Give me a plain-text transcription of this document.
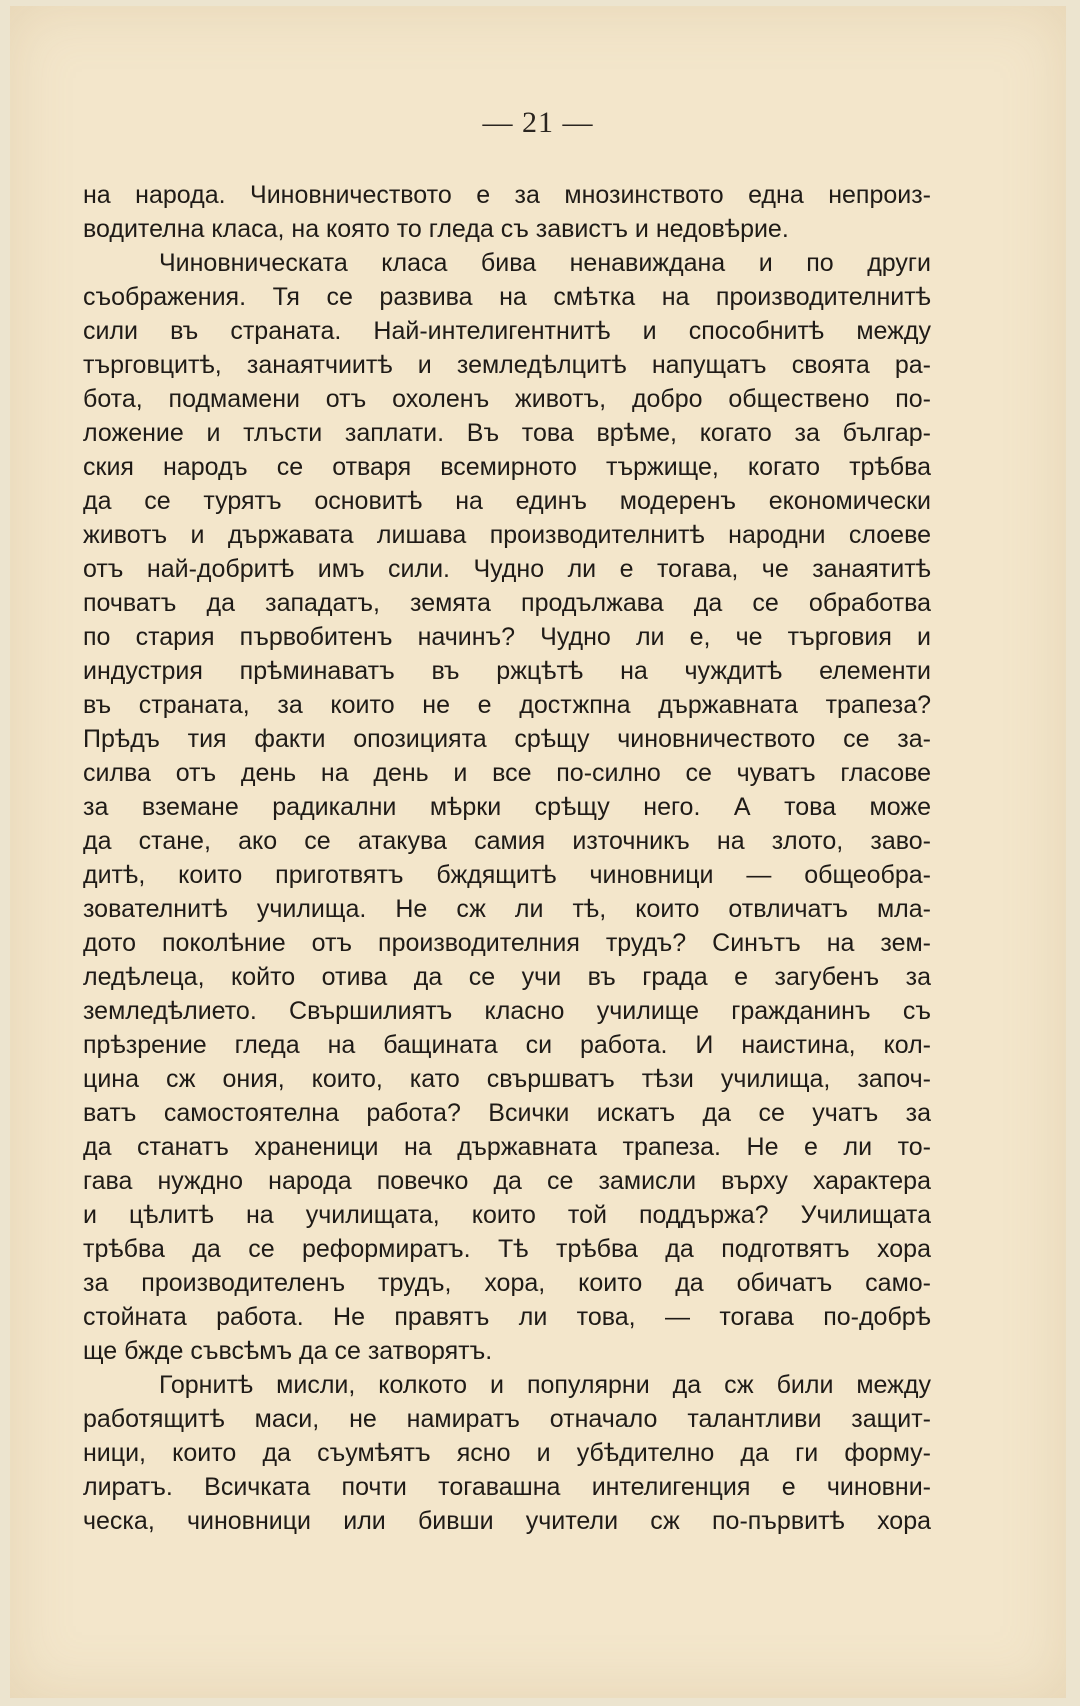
— 21 —
на народа. Чиновничеството е за мнозинството една непроиз-
водителна класа, на която то гледа съ завистъ и недовѣрие.
Чиновническата класа бива ненавиждана и по други
съображения. Тя се развива на смѣтка на производителнитѣ
сили въ страната. Най-интелигентнитѣ и способнитѣ между
търговцитѣ, занаятчиитѣ и земледѣлцитѣ напущатъ своята ра-
бота, подмамени отъ охоленъ животъ, добро обществено по-
ложение и тлъсти заплати. Въ това врѣме, когато за българ-
ския народъ се отваря всемирното тържище, когато трѣбва
да се турятъ основитѣ на единъ модеренъ економически
животъ и държавата лишава производителнитѣ народни слоеве
отъ най-добритѣ имъ сили. Чудно ли е тогава, че занаятитѣ
почватъ да западатъ, земята продължава да се обработва
по стария първобитенъ начинъ? Чудно ли е, че търговия и
индустрия прѣминаватъ въ ржцѣтѣ на чуждитѣ елементи
въ страната, за които не е достжпна държавната трапеза?
Прѣдъ тия факти опозицията срѣщу чиновничеството се за-
силва отъ день на день и все по-силно се чуватъ гласове
за вземане радикални мѣрки срѣщу него. А това може
да стане, ако се атакува самия източникъ на злото, заво-
дитѣ, които приготвятъ бждящитѣ чиновници — общеобра-
зователнитѣ училища. Не сж ли тѣ, които отвличатъ мла-
дото поколѣние отъ производителния трудъ? Синътъ на зем-
ледѣлеца, който отива да се учи въ града е загубенъ за
земледѣлието. Свършилиятъ класно училище гражданинъ съ
прѣзрение гледа на бащината си работа. И наистина, кол-
цина сж ония, които, като свършватъ тѣзи училища, започ-
ватъ самостоятелна работа? Всички искатъ да се учатъ за
да станатъ храненици на държавната трапеза. Не е ли то-
гава нуждно народа повечко да се замисли върху характера
и цѣлитѣ на училищата, които той поддържа? Училищата
трѣбва да се реформиратъ. Тѣ трѣбва да подготвятъ хора
за производителенъ трудъ, хора, които да обичатъ само-
стойната работа. Не правятъ ли това, — тогава по-добрѣ
ще бжде съвсѣмъ да се затворятъ.
Горнитѣ мисли, колкото и популярни да сж били между
работящитѣ маси, не намиратъ отначало талантливи защит-
ници, които да съумѣятъ ясно и убѣдително да ги форму-
лиратъ. Всичката почти тогавашна интелигенция е чиновни-
ческа, чиновници или бивши учители сж по-първитѣ хора
